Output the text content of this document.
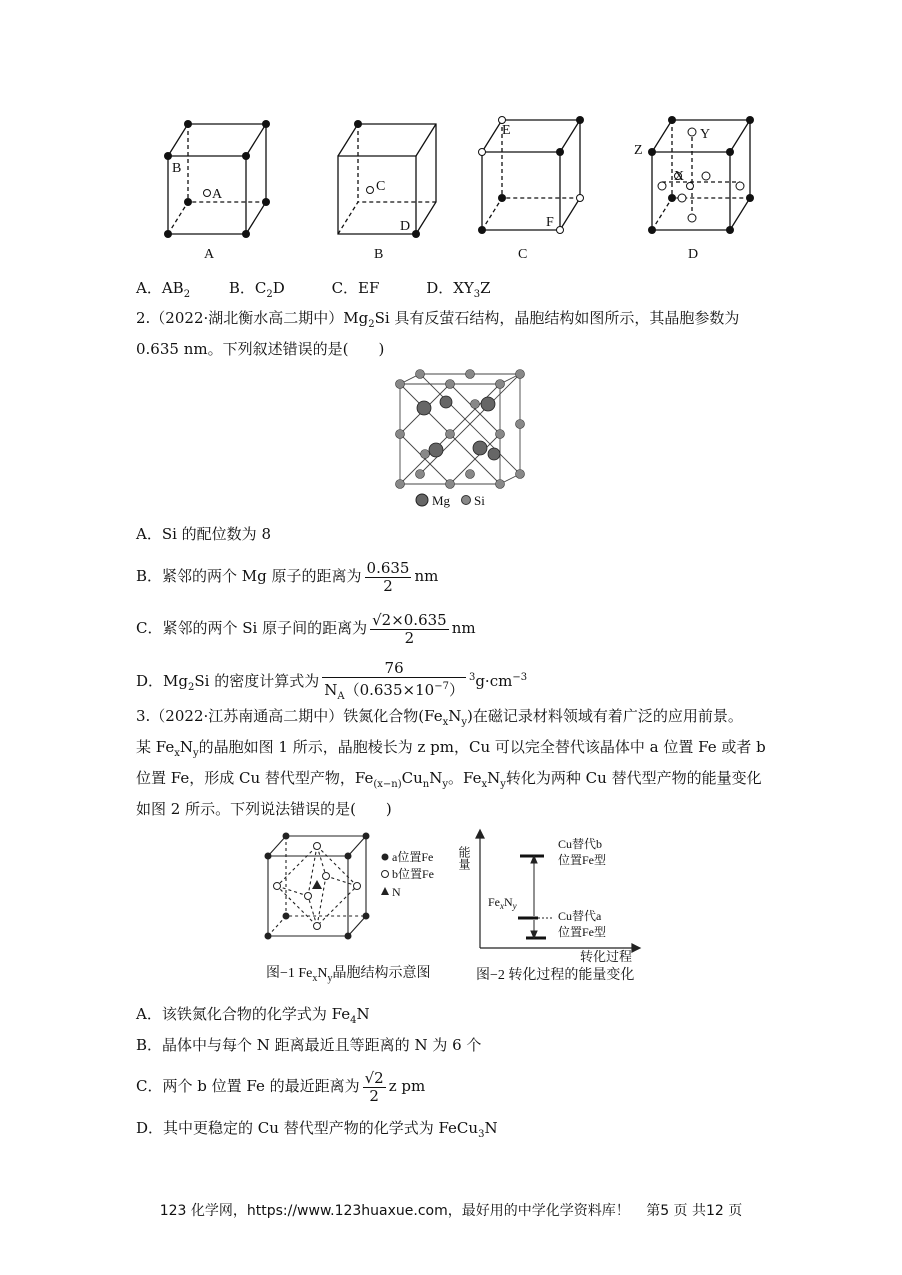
B
A
C
D
E
F
Z
Y
X
A	B	C	D
A．$AB_2$	B．$C_2D$	C．EF	D．$XY_3Z$
2.（2022·湖北衡水高二期中）$Mg_2Si$ 具有反萤石结构，晶胞结构如图所示，其晶胞参数为
0.635 nm。下列叙述错误的是(　　)
Mg Si
A．Si 的配位数为 8
B．紧邻的两个 Mg 原子的距离为 $\frac{0.635}{2}$ nm
C．紧邻的两个 Si 原子间的距离为 $\frac{√2\times 0.635}{2}$ nm
D．$Mg_2Si$ 的密度计算式为 $\frac{76}{N_A(0.635\times 10^{-7})} ^3g\cdot cm^{-3}$
3.（2022·江苏南通高二期中）铁氮化合物$(Fe_xN_y)$在磁记录材料领域有着广泛的应用前景。
某 $Fe_xN_y$的晶胞如图 1 所示，晶胞棱长为 z pm，Cu 可以完全替代该晶体中 a 位置 Fe 或者 b
位置 Fe，形成 Cu 替代型产物，$Fe_{(x-n)}Cu_nN_y$。$Fe_xN_y$转化为两种 Cu 替代型产物的能量变化
如图 2 所示。下列说法错误的是(　　)
a位置Fe
b位置Fe
N
图−1 $Fe_xN_y$晶胞结构示意图
能量
转化过程
Cu替代b
位置Fe型
Cu替代a
位置Fe型
$Fe_xN_y$
图−2 转化过程的能量变化
A．该铁氮化合物的化学式为 $Fe_4N$
B．晶体中与每个 N 距离最近且等距离的 N 为 6 个
C．两个 b 位置 Fe 的最近距离为 $\frac{√2}{2}$ z pm
D．其中更稳定的 Cu 替代型产物的化学式为 FeCu$_3$N
123 化学网，https://www.123huaxue.com，最好用的中学化学资料库！ 第5 页 共12 页
